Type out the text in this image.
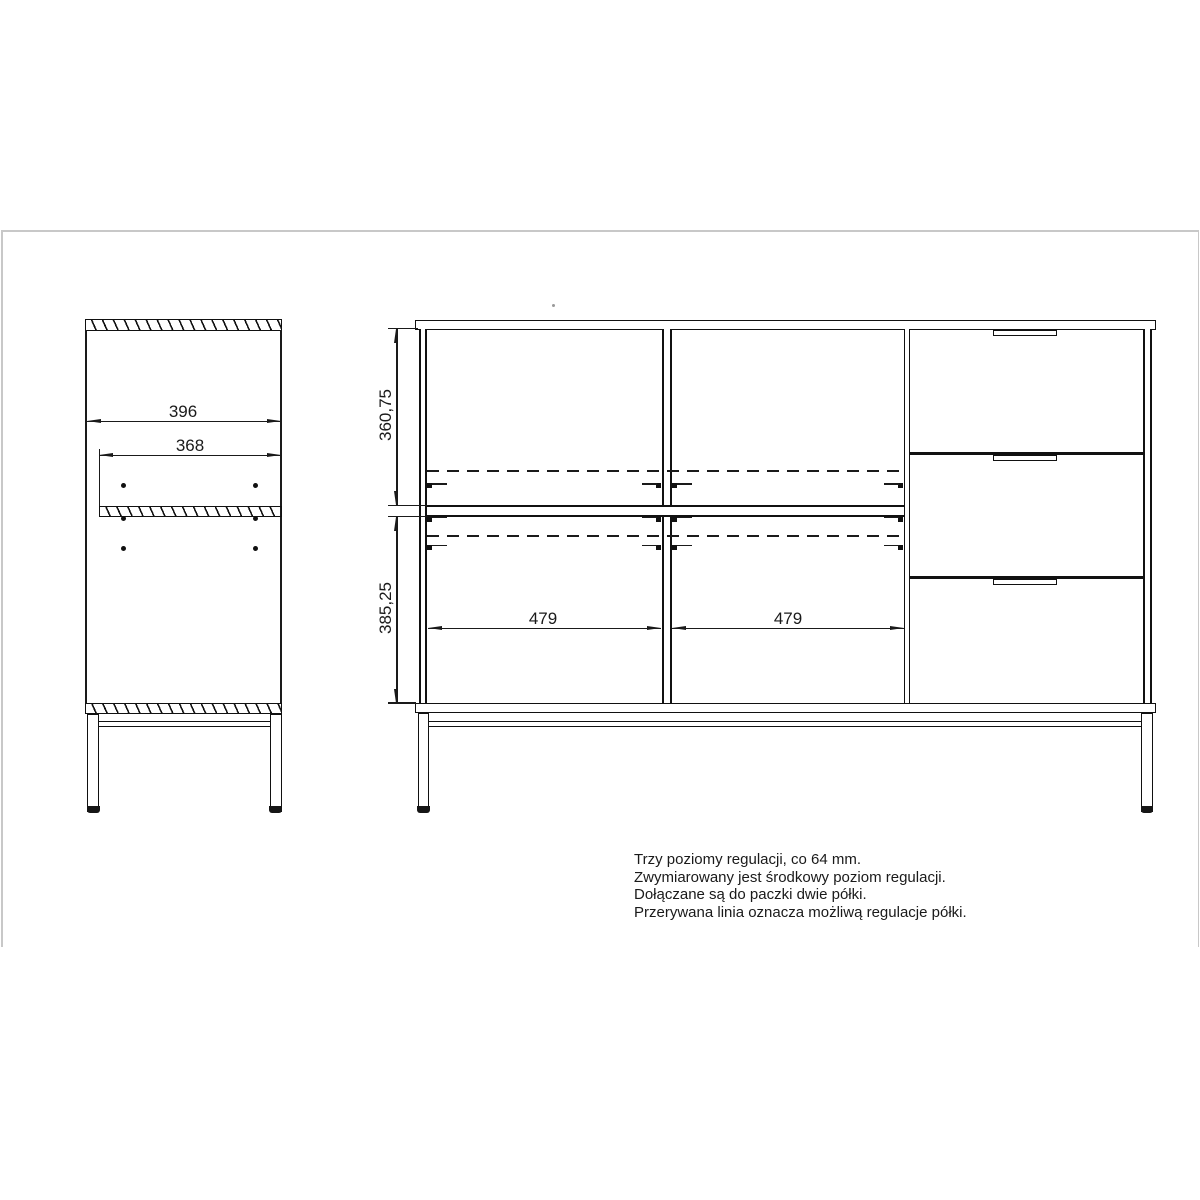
396
368
360,75
385,25	479	479
Trzy poziomy regulacji, co 64 mm.
Zwymiarowany jest środkowy poziom regulacji.
Dołączane są do paczki dwie półki.
Przerywana linia oznacza możliwą regulacje półki.
